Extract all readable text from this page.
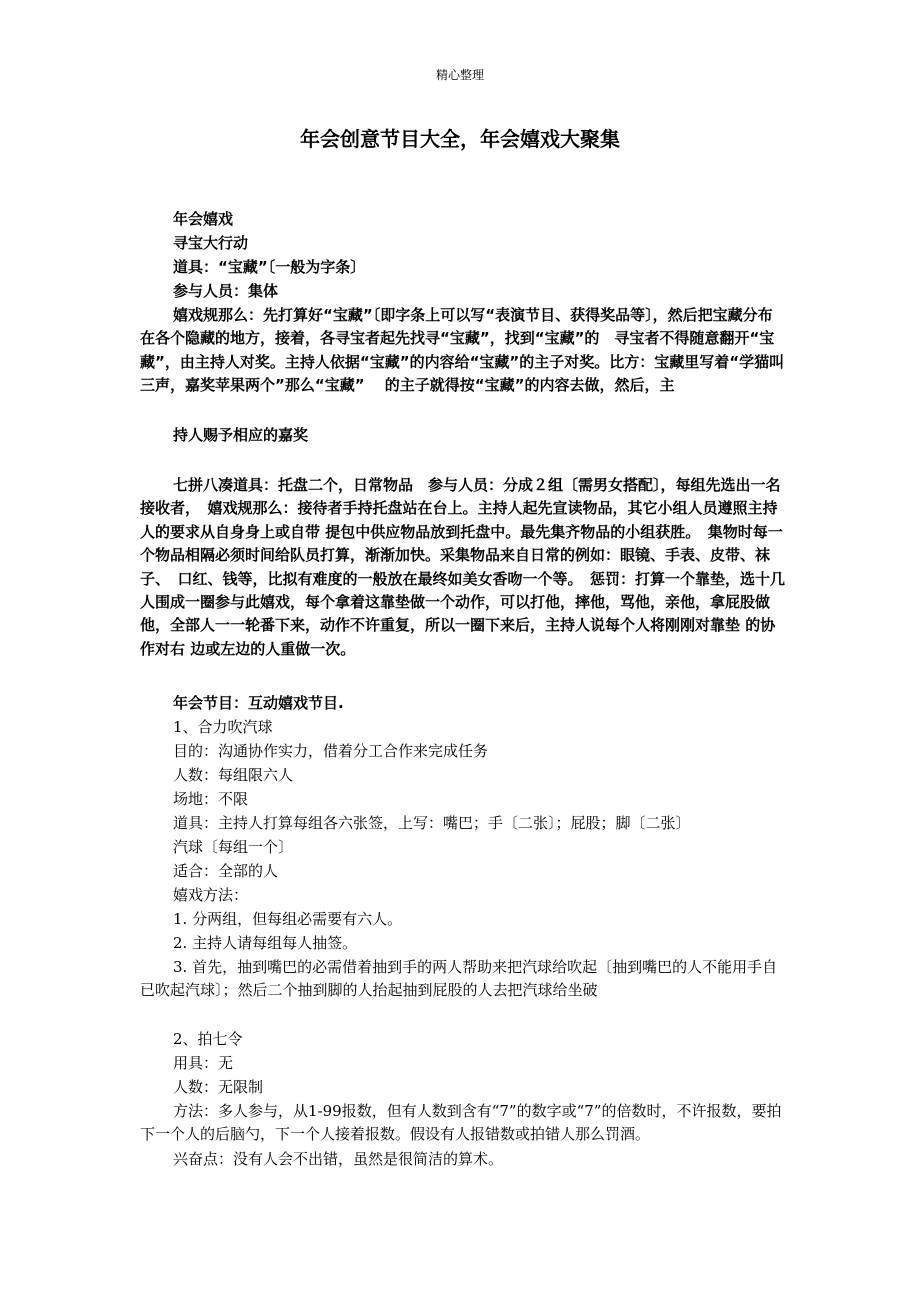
精心整理
年会创意节目大全，年会嬉戏大聚集
年会嬉戏
寻宝大行动
道具：“宝藏”〔一般为字条〕
参与人员：集体
嬉戏规那么：先打算好“宝藏”〔即字条上可以写“表演节目、获得奖品等〕，然后把宝藏分布在各个隐藏的地方，接着，各寻宝者起先找寻“宝藏”，找到“宝藏”的　寻宝者不得随意翻开“宝藏”，由主持人对奖。主持人依据“宝藏”的内容给“宝藏”的主子对奖。比方：宝藏里写着“学猫叫三声，嘉奖苹果两个”那么“宝藏”　 的主子就得按“宝藏”的内容去做，然后，主
持人赐予相应的嘉奖
七拼八凑道具：托盘二个，日常物品　参与人员：分成２组〔需男女搭配〕，每组先选出一名接收者，　嬉戏规那么：接待者手持托盘站在台上。主持人起先宣读物品，其它小组人员遵照主持人的要求从自身身上或自带 提包中供应物品放到托盘中。最先集齐物品的小组获胜。　集物时每一个物品相隔必须时间给队员打算，渐渐加快。采集物品来自日常的例如：眼镜、手表、皮带、袜子、　口红、钱等，比拟有难度的一般放在最终如美女香吻一个等。　惩罚：打算一个靠垫，选十几人围成一圈参与此嬉戏，每个拿着这靠垫做一个动作，可以打他，摔他，骂他，亲他，拿屁股做他，全部人一一轮番下来，动作不许重复，所以一圈下来后，主持人说每个人将刚刚对靠垫 的协作对右 边或左边的人重做一次。
年会节目：互动嬉戏节目.
1、合力吹汽球
目的：沟通协作实力，借着分工合作来完成任务
人数：每组限六人
场地：不限
道具：主持人打算每组各六张签，上写：嘴巴；手〔二张〕；屁股；脚〔二张〕
汽球〔每组一个〕
适合：全部的人
嬉戏方法：
1. 分两组，但每组必需要有六人。
2. 主持人请每组每人抽签。
3. 首先，抽到嘴巴的必需借着抽到手的两人帮助来把汽球给吹起〔抽到嘴巴的人不能用手自已吹起汽球〕；然后二个抽到脚的人抬起抽到屁股的人去把汽球给坐破
2、拍七令
用具：无
人数：无限制
方法：多人参与，从1-99报数，但有人数到含有“7”的数字或“7”的倍数时，不许报数，要拍下一个人的后脑勺，下一个人接着报数。假设有人报错数或拍错人那么罚酒。
兴奋点：没有人会不出错，虽然是很简洁的算术。
